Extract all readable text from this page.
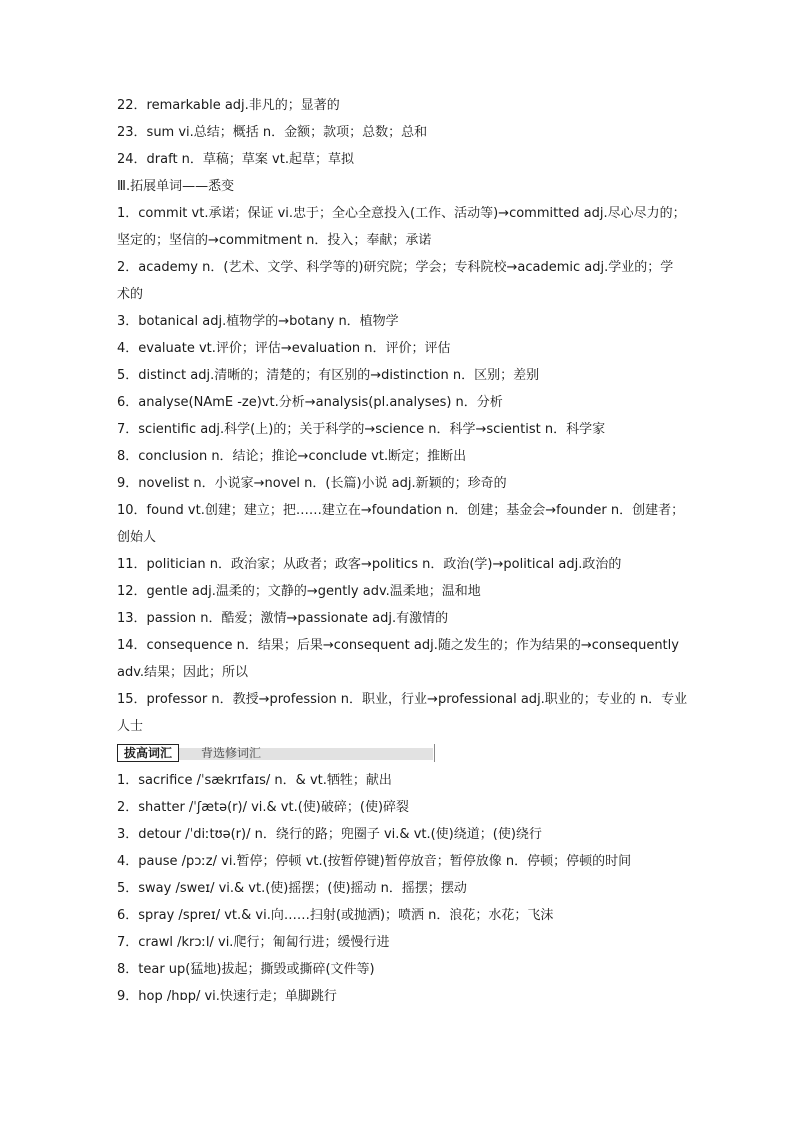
22．remarkable adj.非凡的；显著的
23．sum vi.总结；概括 n．金额；款项；总数；总和
24．draft n．草稿；草案 vt.起草；草拟
Ⅲ.拓展单词——悉变
1．commit vt.承诺；保证 vi.忠于；全心全意投入(工作、活动等)→committed adj.尽心尽力的；
坚定的；坚信的→commitment n．投入；奉献；承诺
2．academy n．(艺术、文学、科学等的)研究院；学会；专科院校→academic adj.学业的；学
术的
3．botanical adj.植物学的→botany n．植物学
4．evaluate vt.评价；评估→evaluation n．评价；评估
5．distinct adj.清晰的；清楚的；有区别的→distinction n．区别；差别
6．analyse(NAmE -ze)vt.分析→analysis(pl.analyses) n．分析
7．scientific adj.科学(上)的；关于科学的→science n．科学→scientist n．科学家
8．conclusion n．结论；推论→conclude vt.断定；推断出
9．novelist n．小说家→novel n．(长篇)小说 adj.新颖的；珍奇的
10．found vt.创建；建立；把……建立在→foundation n．创建；基金会→founder n．创建者；
创始人
11．politician n．政治家；从政者；政客→politics n．政治(学)→political adj.政治的
12．gentle adj.温柔的；文静的→gently adv.温柔地；温和地
13．passion n．酷爱；激情→passionate adj.有激情的
14．consequence n．结果；后果→consequent adj.随之发生的；作为结果的→consequently
adv.结果；因此；所以
15．professor n．教授→profession n．职业，行业→professional adj.职业的；专业的 n．专业
人士
拔高词汇	背选修词汇
1．sacrifice /ˈsækrɪfaɪs/ n．& vt.牺牲；献出
2．shatter /ˈʃætə(r)/ vi.& vt.(使)破碎；(使)碎裂
3．detour /ˈdiːtʊə(r)/ n．绕行的路；兜圈子 vi.& vt.(使)绕道；(使)绕行
4．pause /pɔːz/ vi.暂停；停顿 vt.(按暂停键)暂停放音；暂停放像 n．停顿；停顿的时间
5．sway /sweɪ/ vi.& vt.(使)摇摆；(使)摇动 n．摇摆；摆动
6．spray /spreɪ/ vt.& vi.向……扫射(或抛洒)；喷洒 n．浪花；水花；飞沫
7．crawl /krɔːl/ vi.爬行；匍匐行进；缓慢行进
8．tear up(猛地)拔起；撕毁或撕碎(文件等)
9．hop /hɒp/ vi.快速行走；单脚跳行
